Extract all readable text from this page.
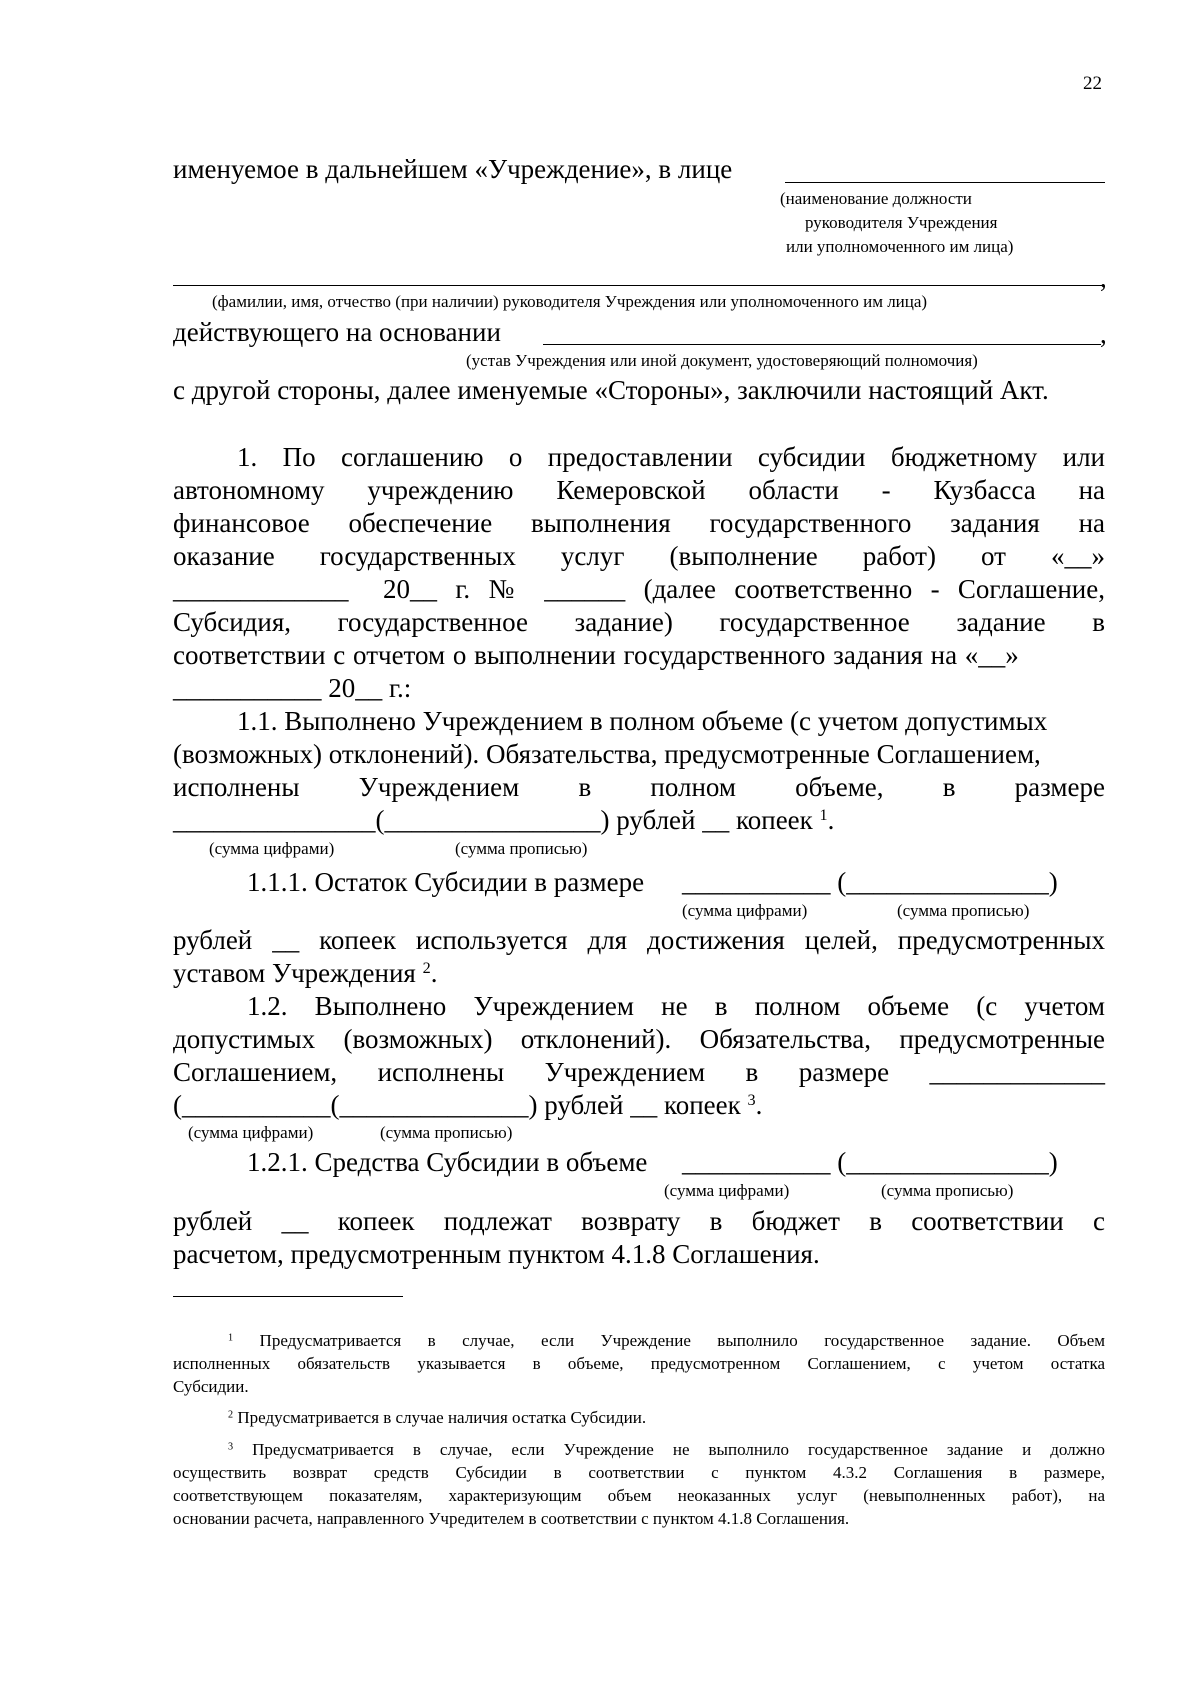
22
именуемое в дальнейшем «Учреждение», в лице
(наименование должности
руководителя Учреждения
или уполномоченного им лица)
,
(фамилии, имя, отчество (при наличии) руководителя Учреждения или уполномоченного им лица)
действующего на основании	,
(устав Учреждения или иной документ, удостоверяющий полномочия)
с другой стороны, далее именуемые «Стороны», заключили настоящий Акт.
1. По соглашению о предоставлении субсидии бюджетному или
автономному учреждению Кемеровской области - Кузбасса на
финансовое обеспечение выполнения государственного задания на
оказание государственных услуг (выполнение работ) от «__»
_____________ 20__ г. № ______ (далее соответственно - Соглашение,
Субсидия, государственное задание) государственное задание в
соответствии с отчетом о выполнении государственного задания на «__»
___________ 20__ г.:
1.1. Выполнено Учреждением в полном объеме (с учетом допустимых
(возможных) отклонений). Обязательства, предусмотренные Соглашением,
исполнены Учреждением в полном объеме, в размере
_______________(________________) рублей __ копеек $^1$.
(сумма цифрами)	(сумма прописью)
1.1.1. Остаток Субсидии в размере ___________ (_______________)
(сумма цифрами)	(сумма прописью)
рублей __ копеек используется для достижения целей, предусмотренных
уставом Учреждения $^2$.
1.2. Выполнено Учреждением не в полном объеме (с учетом
допустимых (возможных) отклонений). Обязательства, предусмотренные
Соглашением, исполнены Учреждением в размере _____________
(___________(______________) рублей __ копеек $^3$.
(сумма цифрами)	(сумма прописью)
1.2.1. Средства Субсидии в объеме ___________ (_______________)
(сумма цифрами)	(сумма прописью)
рублей __ копеек подлежат возврату в бюджет в соответствии с
расчетом, предусмотренным пунктом 4.1.8 Соглашения.
$^1$ Предусматривается в случае, если Учреждение выполнило государственное задание. Объем
исполненных обязательств указывается в объеме, предусмотренном Соглашением, с учетом остатка
Субсидии.
$^2$ Предусматривается в случае наличия остатка Субсидии.
$^3$ Предусматривается в случае, если Учреждение не выполнило государственное задание и должно
осуществить возврат средств Субсидии в соответствии с пунктом 4.3.2 Соглашения в размере,
соответствующем показателям, характеризующим объем неоказанных услуг (невыполненных работ), на
основании расчета, направленного Учредителем в соответствии с пунктом 4.1.8 Соглашения.
